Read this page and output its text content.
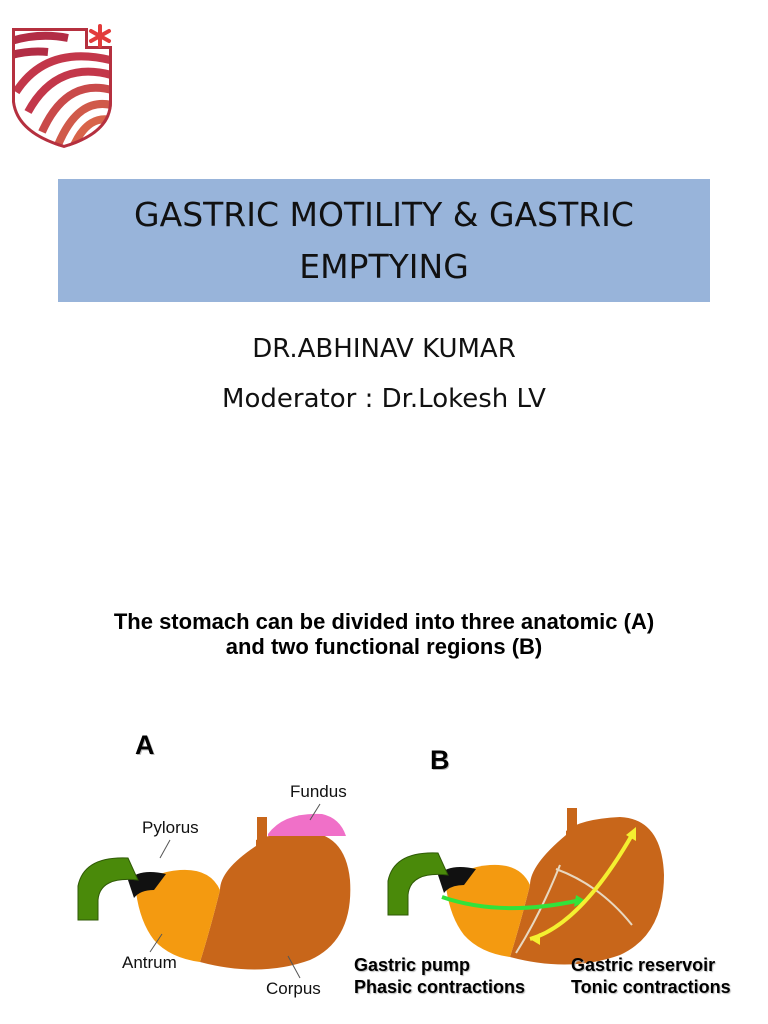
GASTRIC MOTILITY & GASTRIC EMPTYING
DR.ABHINAV KUMAR
Moderator : Dr.Lokesh LV
The stomach can be divided into three anatomic (A)
and two functional regions (B)
A
Fundus
Pylorus
Antrum
Corpus
B
Gastric pump
Phasic contractions
Gastric reservoir
Tonic contractions
